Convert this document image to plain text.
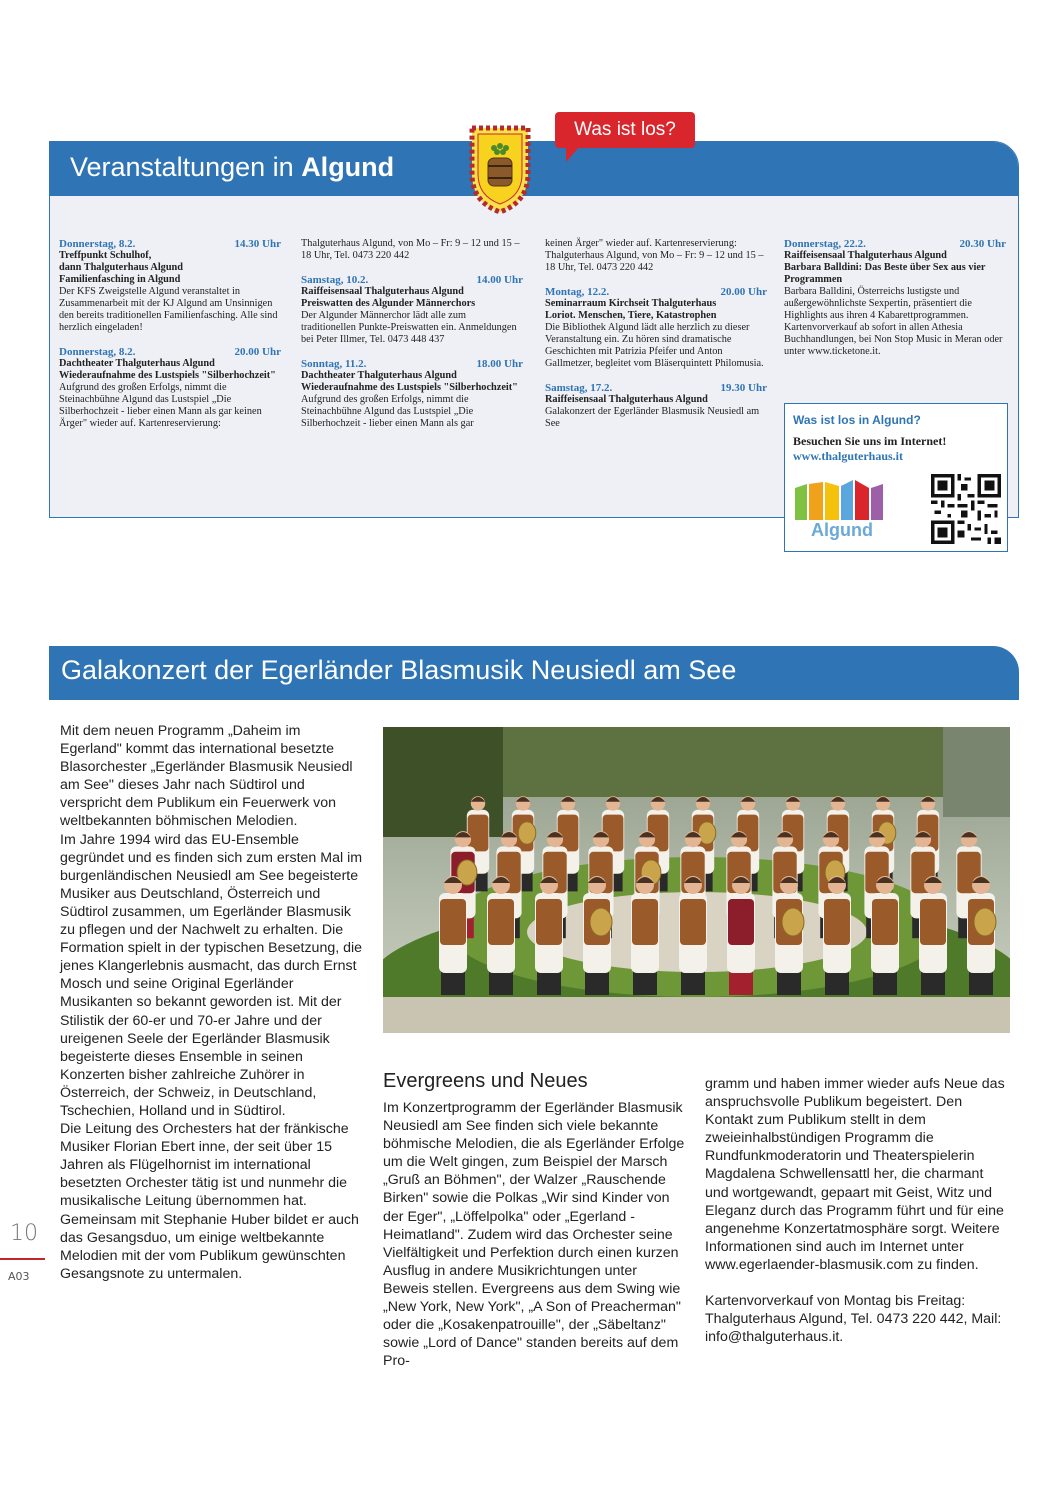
Veranstaltungen in Algund
Was ist los?
Donnerstag, 8.2.	14.30 Uhr
Treffpunkt Schulhof,
dann Thalguterhaus Algund
Familienfasching in Algund
Der KFS Zweigstelle Algund veranstaltet in Zusammenarbeit mit der KJ Algund am Unsinnigen den bereits traditionellen Familienfasching. Alle sind herzlich eingeladen!
Donnerstag, 8.2.	20.00 Uhr
Dachtheater Thalguterhaus Algund
Wiederaufnahme des Lustspiels "Silberhochzeit"
Aufgrund des großen Erfolgs, nimmt die Steinachbühne Algund das Lustspiel „Die Silberhochzeit - lieber einen Mann als gar keinen Ärger" wieder auf. Kartenreservierung:
Thalguterhaus Algund, von Mo – Fr: 9 – 12 und 15 – 18 Uhr, Tel. 0473 220 442
Samstag, 10.2.	14.00 Uhr
Raiffeisensaal Thalguterhaus Algund
Preiswatten des Algunder Männerchors
Der Algunder Männerchor lädt alle zum traditionellen Punkte-Preiswatten ein. Anmeldungen bei Peter Illmer, Tel. 0473 448 437
Sonntag, 11.2.	18.00 Uhr
Dachtheater Thalguterhaus Algund
Wiederaufnahme des Lustspiels "Silberhochzeit"
Aufgrund des großen Erfolgs, nimmt die Steinachbühne Algund das Lustspiel „Die Silberhochzeit - lieber einen Mann als gar
keinen Ärger" wieder auf. Kartenreservierung: Thalguterhaus Algund, von Mo – Fr: 9 – 12 und 15 – 18 Uhr, Tel. 0473 220 442
Montag, 12.2.	20.00 Uhr
Seminarraum Kirchseit Thalguterhaus
Loriot. Menschen, Tiere, Katastrophen
Die Bibliothek Algund lädt alle herzlich zu dieser Veranstaltung ein. Zu hören sind dramatische Geschichten mit Patrizia Pfeifer und Anton Gallmetzer, begleitet vom Bläserquintett Philomusia.
Samstag, 17.2.	19.30 Uhr
Raiffeisensaal Thalguterhaus Algund
Galakonzert der Egerländer Blasmusik Neusiedl am See
Donnerstag, 22.2.	20.30 Uhr
Raiffeisensaal Thalguterhaus Algund
Barbara Balldini: Das Beste über Sex aus vier Programmen
Barbara Balldini, Österreichs lustigste und außergewöhnlichste Sexpertin, präsentiert die Highlights aus ihren 4 Kabarettprogrammen. Kartenvorverkauf ab sofort in allen Athesia Buchhandlungen, bei Non Stop Music in Meran oder unter www.ticketone.it.
Was ist los in Algund?
Besuchen Sie uns im Internet!
www.thalguterhaus.it
Algund
Galakonzert der Egerländer Blasmusik Neusiedl am See
Mit dem neuen Programm „Daheim im Egerland" kommt das international besetzte Blasorchester „Egerländer Blasmusik Neusiedl am See" dieses Jahr nach Südtirol und verspricht dem Publikum ein Feuerwerk von weltbekannten böhmischen Melodien.
Im Jahre 1994 wird das EU-Ensemble gegründet und es finden sich zum ersten Mal im burgenländischen Neusiedl am See begeisterte Musiker aus Deutschland, Österreich und Südtirol zusammen, um Egerländer Blasmusik zu pflegen und der Nachwelt zu erhalten. Die Formation spielt in der typischen Besetzung, die jenes Klangerlebnis ausmacht, das durch Ernst Mosch und seine Original Egerländer Musikanten so bekannt geworden ist. Mit der Stilistik der 60-er und 70-er Jahre und der ureigenen Seele der Egerländer Blasmusik begeisterte dieses Ensemble in seinen Konzerten bisher zahlreiche Zuhörer in Österreich, der Schweiz, in Deutschland, Tschechien, Holland und in Südtirol.
Die Leitung des Orchesters hat der fränkische Musiker Florian Ebert inne, der seit über 15 Jahren als Flügelhornist im international besetzten Orchester tätig ist und nunmehr die musikalische Leitung übernommen hat. Gemeinsam mit Stephanie Huber bildet er auch das Gesangsduo, um einige weltbekannte Melodien mit der vom Publikum gewünschten Gesangsnote zu untermalen.
Evergreens und Neues
Im Konzertprogramm der Egerländer Blasmusik Neusiedl am See finden sich viele bekannte böhmische Melodien, die als Egerländer Erfolge um die Welt gingen, zum Beispiel der Marsch „Gruß an Böhmen", der Walzer „Rauschende Birken" sowie die Polkas „Wir sind Kinder von der Eger", „Löffelpolka" oder „Egerland - Heimatland". Zudem wird das Orchester seine Vielfältigkeit und Perfektion durch einen kurzen Ausflug in andere Musikrichtungen unter Beweis stellen. Evergreens aus dem Swing wie „New York, New York", „A Son of Preacherman" oder die „Kosakenpatrouille", der „Säbeltanz" sowie „Lord of Dance" standen bereits auf dem Pro-
gramm und haben immer wieder aufs Neue das anspruchsvolle Publikum begeistert. Den Kontakt zum Publikum stellt in dem zweieinhalbstündigen Programm die Rundfunkmoderatorin und Theaterspielerin Magdalena Schwellensattl her, die charmant und wortgewandt, gepaart mit Geist, Witz und Eleganz durch das Programm führt und für eine angenehme Konzertatmosphäre sorgt. Weitere Informationen sind auch im Internet unter www.egerlaender-blasmusik.com zu finden.

Kartenvorverkauf von Montag bis Freitag: Thalguterhaus Algund, Tel. 0473 220 442, Mail: info@thalguterhaus.it.
10
A03
